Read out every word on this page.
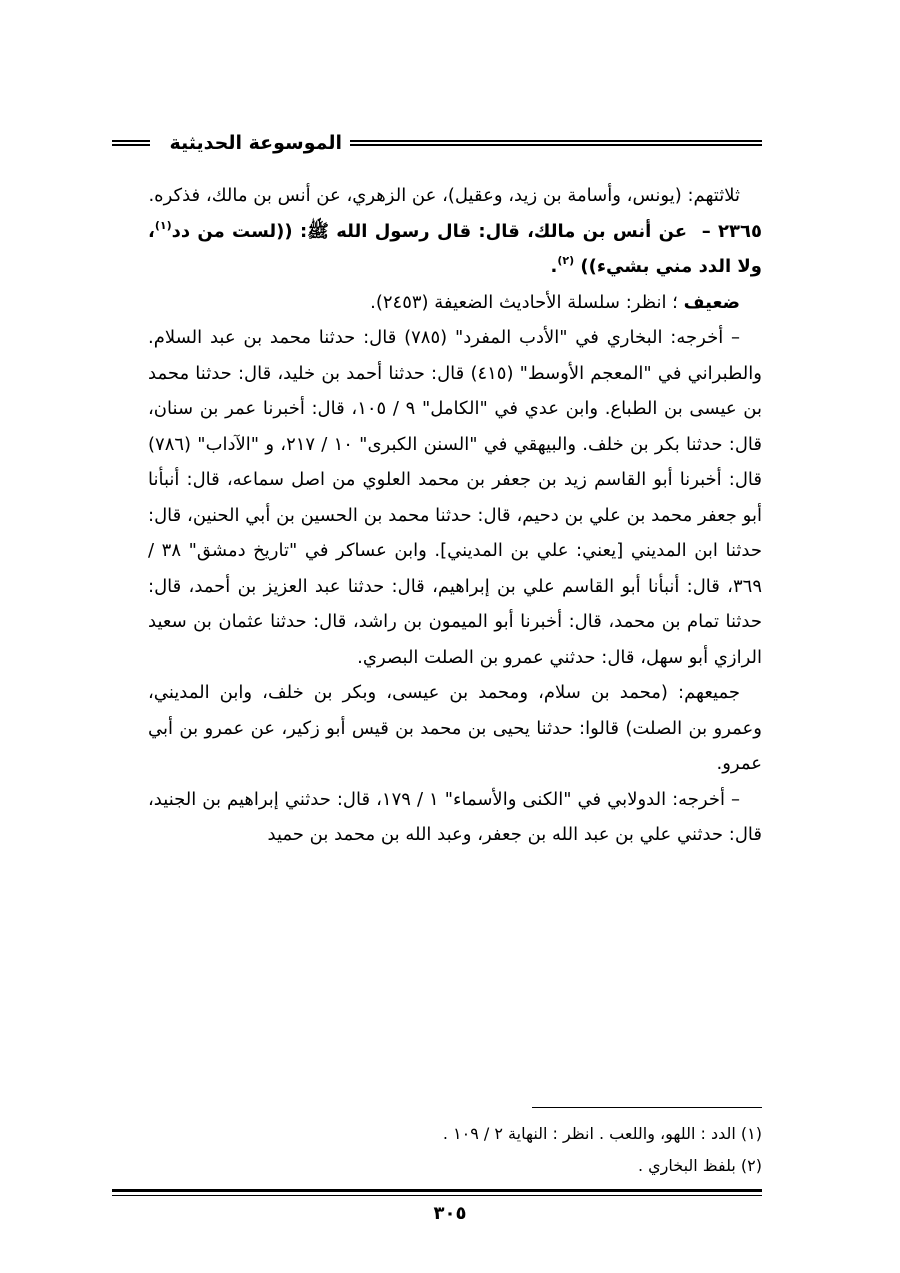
الموسوعة الحديثية

ثلاثتهم: (يونس، وأسامة بن زيد، وعقيل)، عن الزهري، عن أنس بن مالك، فذكره.

٢٣٦٥ –  عن أنس بن مالك، قال: قال رسول الله ﷺ: ((لست من دد$^{(١)}$، ولا الدد مني بشيء)) $^{(٢)}$.

ضعيف ؛ انظر: سلسلة الأحاديث الضعيفة (٢٤٥٣).

– أخرجه: البخاري في "الأدب المفرد" (٧٨٥) قال: حدثنا محمد بن عبد السلام. والطبراني في "المعجم الأوسط" (٤١٥) قال: حدثنا أحمد بن خليد، قال: حدثنا محمد بن عيسى بن الطباع. وابن عدي في "الكامل" ٩ / ١٠٥، قال: أخبرنا عمر بن سنان، قال: حدثنا بكر بن خلف. والبيهقي في "السنن الكبرى" ١٠ / ٢١٧، و "الآداب" (٧٨٦) قال: أخبرنا أبو القاسم زيد بن جعفر بن محمد العلوي من اصل سماعه، قال: أنبأنا أبو جعفر محمد بن علي بن دحيم، قال: حدثنا محمد بن الحسين بن أبي الحنين، قال: حدثنا ابن المديني [يعني: علي بن المديني]. وابن عساكر في "تاريخ دمشق" ٣٨ / ٣٦٩، قال: أنبأنا أبو القاسم علي بن إبراهيم، قال: حدثنا عبد العزيز بن أحمد، قال: حدثنا تمام بن محمد، قال: أخبرنا أبو الميمون بن راشد، قال: حدثنا عثمان بن سعيد الرازي أبو سهل، قال: حدثني عمرو بن الصلت البصري.

جميعهم: (محمد بن سلام، ومحمد بن عيسى، وبكر بن خلف، وابن المديني، وعمرو بن الصلت) قالوا: حدثنا يحيى بن محمد بن قيس أبو زكير، عن عمرو بن أبي عمرو.

– أخرجه: الدولابي في "الكنى والأسماء" ١ / ١٧٩، قال: حدثني إبراهيم بن الجنيد، قال: حدثني علي بن عبد الله بن جعفر، وعبد الله بن محمد بن حميد

(١) الدد : اللهو، واللعب . انظر : النهاية ٢ / ١٠٩ .
(٢) بلفظ البخاري .
٣٠٥
